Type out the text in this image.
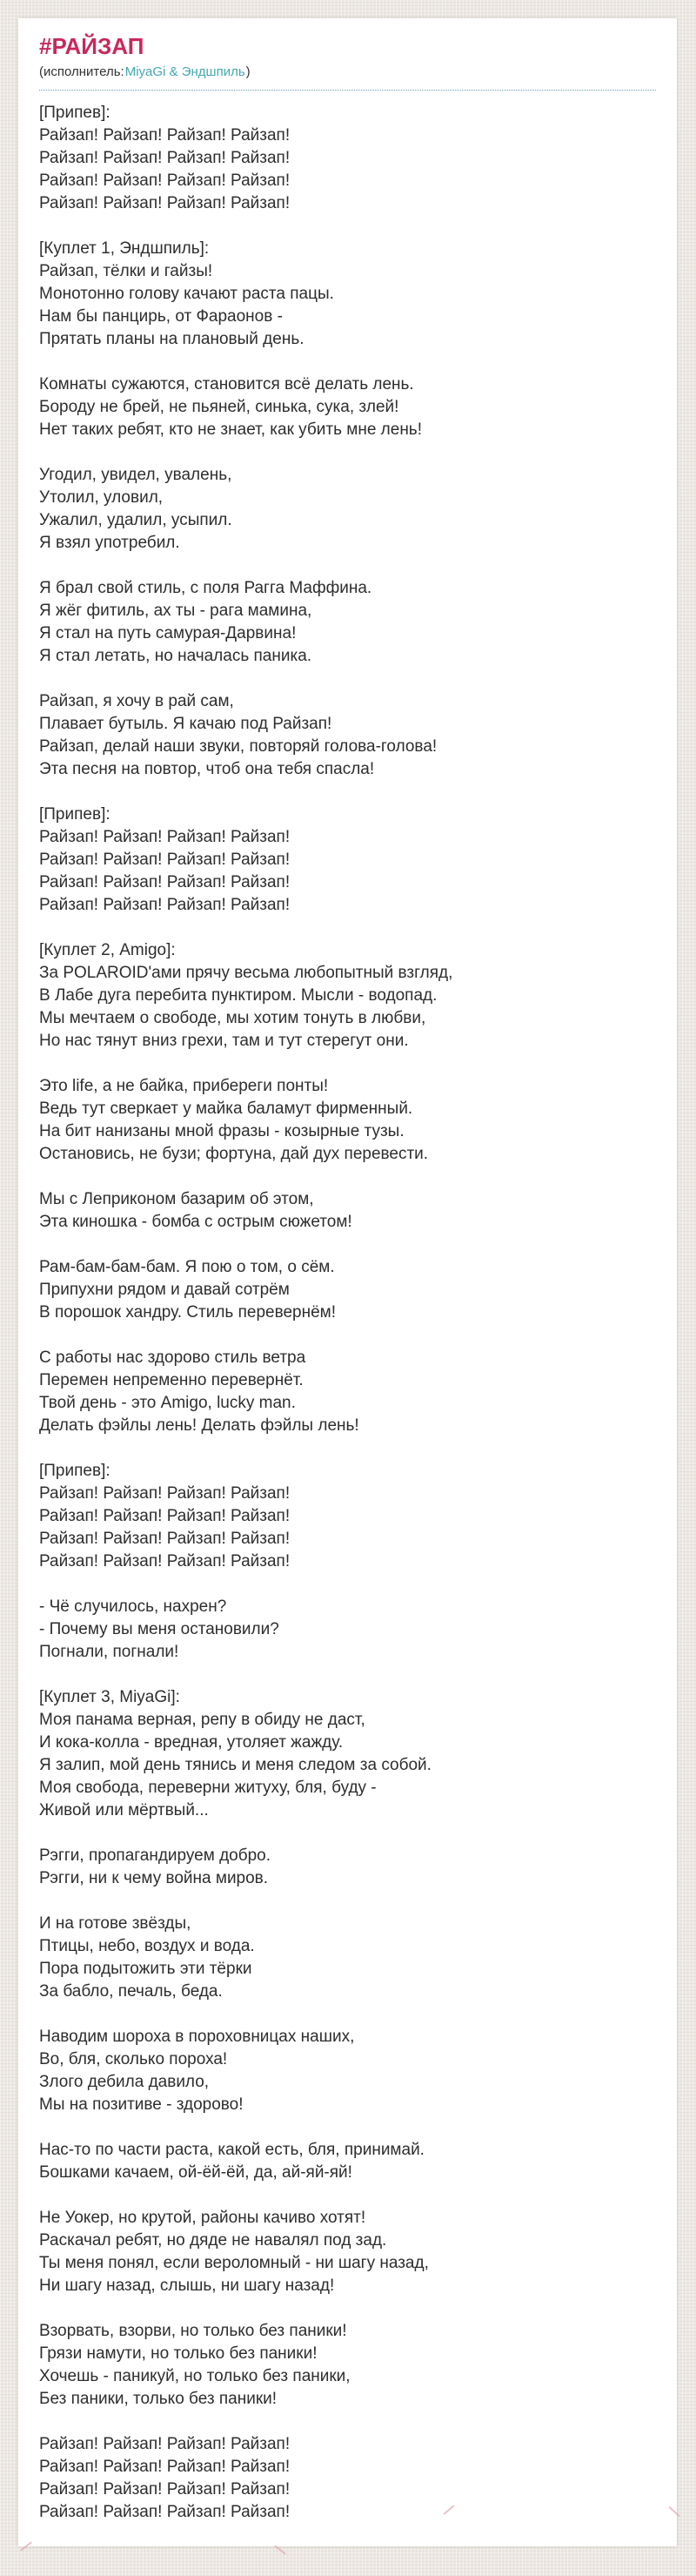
#РАЙЗАП
(исполнитель:MiyaGi & Эндшпиль)
[Припев]:
Райзап! Райзап! Райзап! Райзап!
Райзап! Райзап! Райзап! Райзап!
Райзап! Райзап! Райзап! Райзап!
Райзап! Райзап! Райзап! Райзап!
[Куплет 1, Эндшпиль]:
Райзап, тёлки и гайзы!
Монотонно голову качают раста пацы.
Нам бы панцирь, от Фараонов -
Прятать планы на плановый день.
Комнаты сужаются, становится всё делать лень.
Бороду не брей, не пьяней, синька, сука, злей!
Нет таких ребят, кто не знает, как убить мне лень!
Угодил, увидел, увалень,
Утолил, уловил,
Ужалил, удалил, усыпил.
Я взял употребил.
Я брал свой стиль, с поля Рагга Маффина.
Я жёг фитиль, ах ты - рага мамина,
Я стал на путь самурая-Дарвина!
Я стал летать, но началась паника.
Райзап, я хочу в рай сам,
Плавает бутыль. Я качаю под Райзап!
Райзап, делай наши звуки, повторяй голова-голова!
Эта песня на повтор, чтоб она тебя спасла!
[Припев]:
Райзап! Райзап! Райзап! Райзап!
Райзап! Райзап! Райзап! Райзап!
Райзап! Райзап! Райзап! Райзап!
Райзап! Райзап! Райзап! Райзап!
[Куплет 2, Amigo]:
За POLAROID'ами прячу весьма любопытный взгляд,
В Лабе дуга перебита пунктиром. Мысли - водопад.
Мы мечтаем о свободе, мы хотим тонуть в любви,
Но нас тянут вниз грехи, там и тут стерегут они.
Это life, а не байка, прибереги понты!
Ведь тут сверкает у майка баламут фирменный.
На бит нанизаны мной фразы - козырные тузы.
Остановись, не бузи; фортуна, дай дух перевести.
Мы с Леприконом базарим об этом,
Эта киношка - бомба с острым сюжетом!
Рам-бам-бам-бам. Я пою о том, о сём.
Припухни рядом и давай сотрём
В порошок хандру. Стиль перевернём!
С работы нас здорово стиль ветра
Перемен непременно перевернёт.
Твой день - это Amigo, lucky man.
Делать фэйлы лень! Делать фэйлы лень!
[Припев]:
Райзап! Райзап! Райзап! Райзап!
Райзап! Райзап! Райзап! Райзап!
Райзап! Райзап! Райзап! Райзап!
Райзап! Райзап! Райзап! Райзап!
- Чё случилось, нахрен?
- Почему вы меня остановили?
Погнали, погнали!
[Куплет 3, MiyaGi]:
Моя панама верная, репу в обиду не даст,
И кока-колла - вредная, утоляет жажду.
Я залип, мой день тянись и меня следом за собой.
Моя свобода, переверни житуху, бля, буду -
Живой или мёртвый...
Рэгги, пропагандируем добро.
Рэгги, ни к чему война миров.
И на готове звёзды,
Птицы, небо, воздух и вода.
Пора подытожить эти тёрки
За бабло, печаль, беда.
Наводим шороха в пороховницах наших,
Во, бля, сколько пороха!
Злого дебила давило,
Мы на позитиве - здорово!
Нас-то по части раста, какой есть, бля, принимай.
Бошками качаем, ой-ёй-ёй, да, ай-яй-яй!
Не Уокер, но крутой, районы качиво хотят!
Раскачал ребят, но дяде не навалял под зад.
Ты меня понял, если вероломный - ни шагу назад,
Ни шагу назад, слышь, ни шагу назад!
Взорвать, взорви, но только без паники!
Грязи намути, но только без паники!
Хочешь - паникуй, но только без паники,
Без паники, только без паники!
Райзап! Райзап! Райзап! Райзап!
Райзап! Райзап! Райзап! Райзап!
Райзап! Райзап! Райзап! Райзап!
Райзап! Райзап! Райзап! Райзап!
